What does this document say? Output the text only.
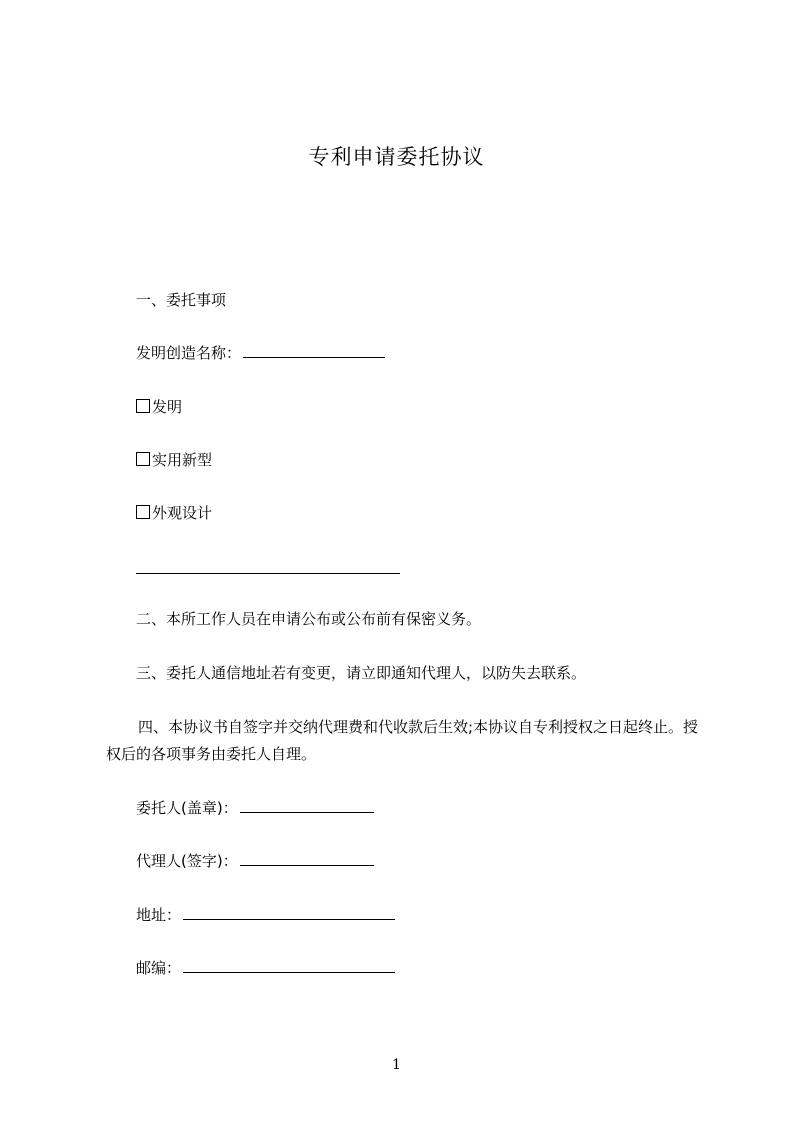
专利申请委托协议
一、委托事项
发明创造名称：
发明
实用新型
外观设计
二、本所工作人员在申请公布或公布前有保密义务。
三、委托人通信地址若有变更，请立即通知代理人，以防失去联系。
四、本协议书自签字并交纳代理费和代收款后生效;本协议自专利授权之日起终止。授权后的各项事务由委托人自理。
委托人(盖章)：
代理人(签字)：
地址：
邮编：
1
